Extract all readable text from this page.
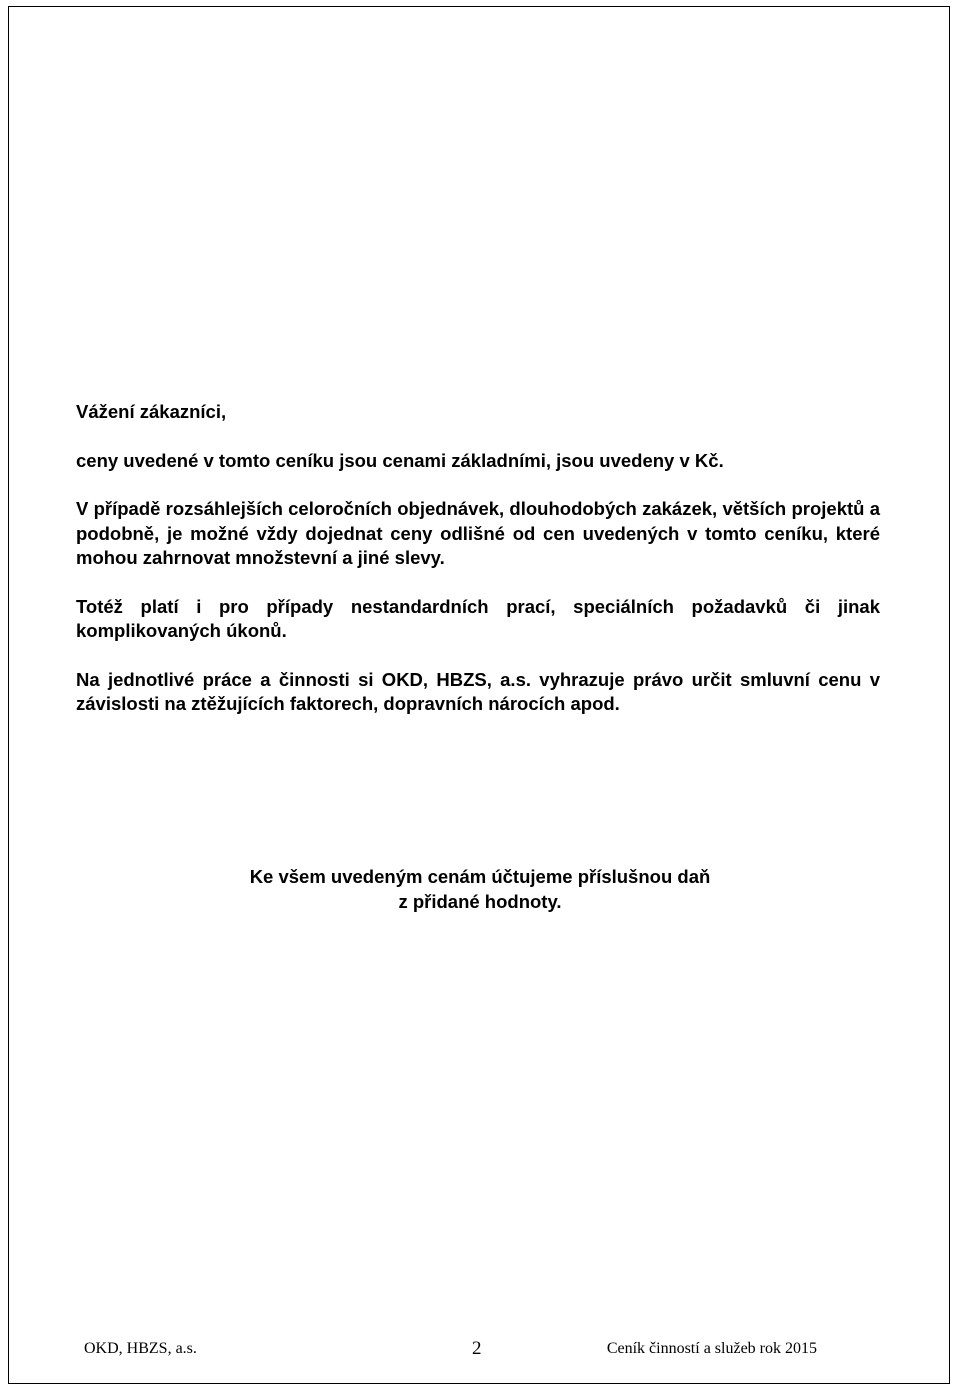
Vážení zákazníci,

ceny uvedené v tomto ceníku jsou cenami základními, jsou uvedeny v Kč.

V případě rozsáhlejších celoročních objednávek, dlouhodobých zakázek, větších projektů a podobně, je možné vždy dojednat ceny odlišné od cen uvedených v tomto ceníku, které mohou zahrnovat množstevní a jiné slevy.

Totéž platí i pro případy nestandardních prací, speciálních požadavků či jinak komplikovaných úkonů.

Na jednotlivé práce a činnosti si OKD, HBZS, a.s. vyhrazuje právo určit smluvní cenu v závislosti na ztěžujících faktorech, dopravních nárocích apod.

Ke všem uvedeným cenám účtujeme příslušnou daň
z přidané hodnoty.
OKD, HBZS, a.s.	2	Ceník činností a služeb rok 2015
